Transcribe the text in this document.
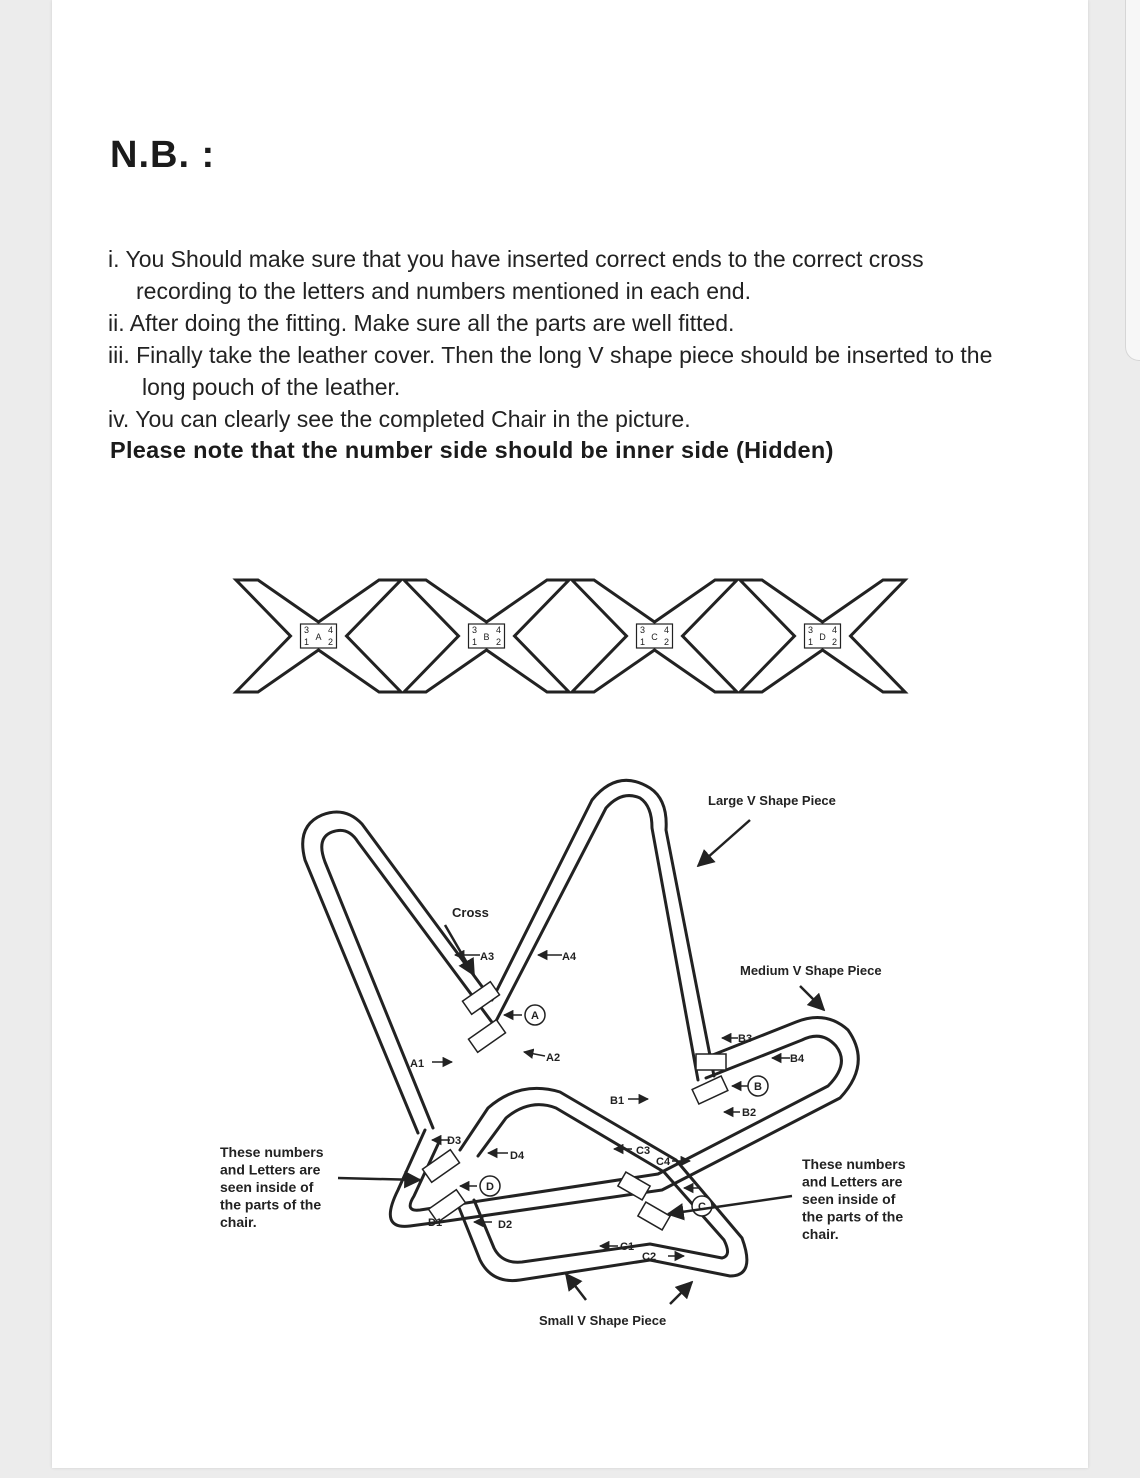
N.B. :
i. You Should make sure that you have inserted correct ends to the correct cross
recording to the letters and numbers mentioned in each end.
ii. After doing the fitting. Make sure all the parts are well fitted.
iii. Finally take the leather cover. Then the long V shape piece should be inserted to the
long pouch of the leather.
iv. You can clearly see the completed Chair in the picture.

Please note that the number side should be inner side (Hidden)

3
1 A
4
2
3
1 B
4
2
3
1 C
4
2
3
1 D
4
2
A
B
C
D
Large V Shape Piece
Medium V Shape Piece
Small V Shape Piece
Cross
A3	A4
A1	A2
B1
B2
B3
B4
C1
C2
C3
C4
D1	D2
D3
D4
These numbers
and Letters are
seen inside of
the parts of the
chair.
These numbers
and Letters are
seen inside of
the parts of the
chair.
